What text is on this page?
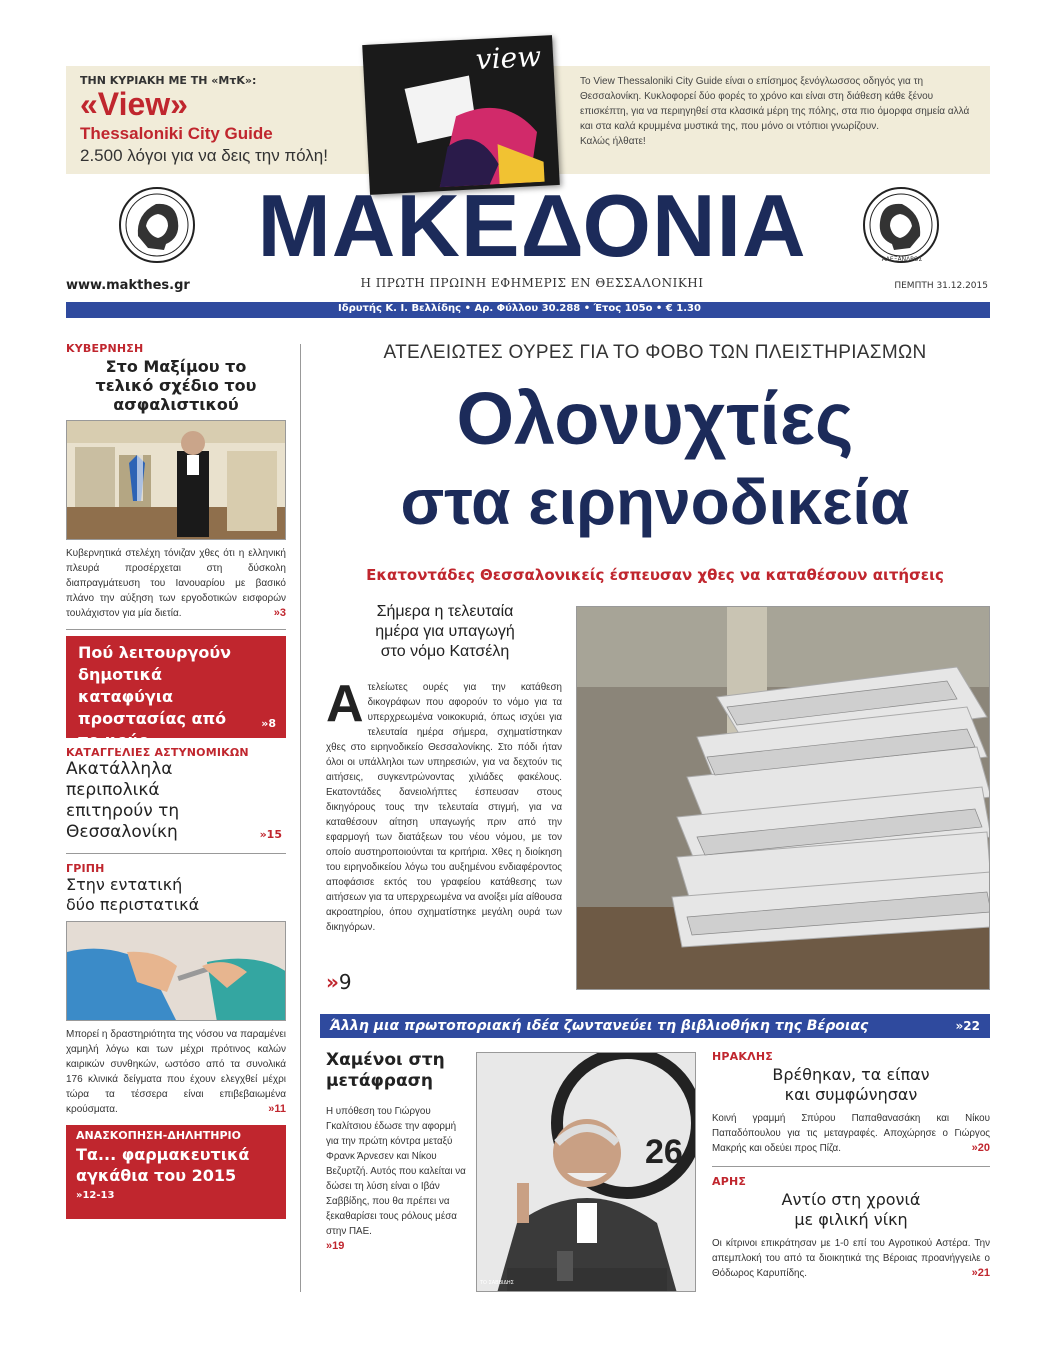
ΤΗΝ ΚΥΡΙΑΚΗ ΜΕ ΤΗ «ΜτΚ»:
«View»
Thessaloniki City Guide
2.500 λόγοι για να δεις την πόλη!
Το View Thessaloniki City Guide είναι ο επίσημος ξενόγλωσσος οδηγός για τη Θεσσαλονίκη. Κυκλοφορεί δύο φορές το χρόνο και είναι στη διάθεση κάθε ξένου επισκέπτη, για να περιηγηθεί στα κλασικά μέρη της πόλης, στα πιο όμορφα σημεία αλλά και στα καλά κρυμμένα μυστικά της, που μόνο οι ντόπιοι γνωρίζουν.
Καλώς ήλθατε!
view
ΑΛΕΞΑΝΔΡΟΣ
ΜΑΚΕΔΟΝΙΑ
Η ΠΡΩΤΗ ΠΡΩΙΝΗ ΕΦΗΜΕΡΙΣ ΕΝ ΘΕΣΣΑΛΟΝΙΚΗΙ
www.makthes.gr	ΠΕΜΠΤΗ 31.12.2015
Ιδρυτής Κ. Ι. Βελλίδης • Αρ. Φύλλου 30.288 • Έτος 105ο • € 1.30
ΚΥΒΕΡΝΗΣΗ
Στο Μαξίμου το τελικό σχέδιο του ασφαλιστικού
Κυβερνητικά στελέχη τόνιζαν χθες ότι η ελληνική πλευρά προσέρχεται στη δύσκολη διαπραγμάτευση του Ιανουαρίου με βασικό πλάνο την αύξηση των εργοδοτικών εισφορών τουλάχιστον για μία διετία.	»3
Πού λειτουργούν δημοτικά καταφύγια προστασίας από το κρύο
»8
ΚΑΤΑΓΓΕΛΙΕΣ ΑΣΤΥΝΟΜΙΚΩΝ
Ακατάλληλα περιπολικά επιτηρούν τη Θεσσαλονίκη	»15
ΓΡΙΠΗ
Στην εντατική δύο περιστατικά
Μπορεί η δραστηριότητα της νόσου να παραμένει χαμηλή λόγω και των μέχρι πρότινος καλών καιρικών συνθηκών, ωστόσο από τα συνολικά 176 κλινικά δείγματα που έχουν ελεγχθεί μέχρι τώρα τα τέσσερα είναι επιβεβαιωμένα κρούσματα.	»11
ΑΝΑΣΚΟΠΗΣΗ-ΔΗΛΗΤΗΡΙΟ
Τα... φαρμακευτικά αγκάθια του 2015
»12-13
ΑΤΕΛΕΙΩΤΕΣ ΟΥΡΕΣ ΓΙΑ ΤΟ ΦΟΒΟ ΤΩΝ ΠΛΕΙΣΤΗΡΙΑΣΜΩΝ
Ολονυχτίες
στα ειρηνοδικεία
Εκατοντάδες Θεσσαλονικείς έσπευσαν χθες να καταθέσουν αιτήσεις
Σήμερα η τελευταία
ημέρα για υπαγωγή
στο νόμο Κατσέλη
Α τελείωτες ουρές για την κατάθεση δικογράφων που αφορούν το νόμο για τα υπερχρεωμένα νοικοκυριά, όπως ισχύει για τελευταία ημέρα σήμερα, σχηματίστηκαν χθες στο ειρηνοδικείο Θεσσαλονίκης. Στο πόδι ήταν όλοι οι υπάλληλοι των υπηρεσιών, για να δεχτούν τις αιτήσεις, συγκεντρώνοντας χιλιάδες φακέλους. Εκατοντάδες δανειολήπτες έσπευσαν στους δικηγόρους τους την τελευταία στιγμή, για να καταθέσουν αίτηση υπαγωγής πριν από την εφαρμογή των διατάξεων του νέου νόμου, με τον οποίο αυστηροποιούνται τα κριτήρια. Χθες η διοίκηση του ειρηνοδικείου λόγω του αυξημένου ενδιαφέροντος αποφάσισε εκτός του γραφείου κατάθεσης των αιτήσεων για τα υπερχρεωμένα να ανοίξει μία αίθουσα ακροατηρίου, όπου σχηματίστηκε μεγάλη ουρά των δικηγόρων.
»9
Άλλη μια πρωτοποριακή ιδέα ζωντανεύει τη βιβλιοθήκη της Βέροιας	»22
Χαμένοι στη μετάφραση
Η υπόθεση του Γιώργου Γκαλίτσιου έδωσε την αφορμή για την πρώτη κόντρα μεταξύ Φρανκ Άρνεσεν και Νίκου Βεζυρτζή. Αυτός που καλείται να δώσει τη λύση είναι ο Ιβάν Σαββίδης, που θα πρέπει να ξεκαθαρίσει τους ρόλους μέσα στην ΠΑΕ.
»19
26
ΤΟ ΣΑΒΒΙΔΗΣ
ΗΡΑΚΛΗΣ
Βρέθηκαν, τα είπαν
και συμφώνησαν
Κοινή γραμμή Σπύρου Παπαθανασάκη και Νίκου Παπαδόπουλου για τις μεταγραφές. Αποχώρησε ο Γιώργος Μακρής και οδεύει προς Πίζα.	»20
ΑΡΗΣ
Αντίο στη χρονιά
με φιλική νίκη
Οι κίτρινοι επικράτησαν με 1-0 επί του Αγροτικού Αστέρα. Την απεμπλοκή του από τα διοικητικά της Βέροιας προανήγγειλε ο Θόδωρος Καρυπίδης.	»21
